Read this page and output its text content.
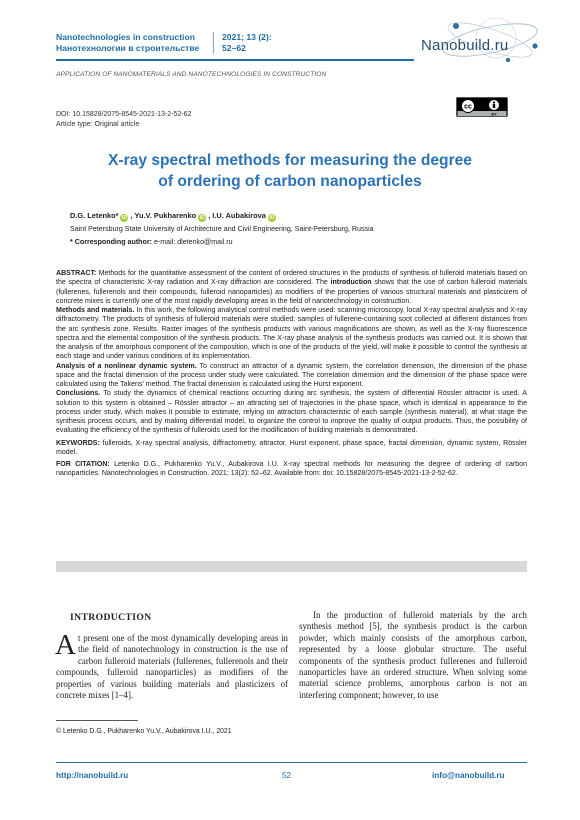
Nanotechnologies in construction
Нанотехнологии в строительстве
2021; 13 (2):
52–62	Nanobuild.ru
APPLICATION OF NANOMATERIALS AND NANOTECHNOLOGIES IN CONSTRUCTION
DOI: 10.15828/2075-8545-2021-13-2-52-62
Article type: Original article
cc
BY
X-ray spectral methods for measuring the degree
of ordering of carbon nanoparticles
D.G. Letenko* iD , Yu.V. Pukharenko iD , I.U. Aubakirova iD
Saint Petersburg State University of Architecture and Civil Engineering, Saint-Petersburg, Russia
* Corresponding author: e-mail: dletenko@mail.ru

ABSTRACT: Methods for the quantitative assessment of the content of ordered structures in the products of synthesis of fulleroid materials based on the spectra of characteristic X-ray radiation and X-ray diffraction are considered. The introduction shows that the use of carbon fulleroid materials (fullerenes, fullerenols and their compounds, fulleroid nanoparticles) as modifiers of the properties of various structural materials and plasticizers of concrete mixes is currently one of the most rapidly developing areas in the field of nanotechnology in construction.

Methods and materials. In this work, the following analytical control methods were used: scanning microscopy, local X-ray spectral analysis and X-ray diffractometry. The products of synthesis of fulleroid materials were studied: samples of fullerene-containing soot collected at different distances from the arc synthesis zone. Results. Raster images of the synthesis products with various magnifications are shown, as well as the X-ray fluorescence spectra and the elemental composition of the synthesis products. The X-ray phase analysis of the synthesis products was carried out. It is shown that the analysis of the amorphous component of the composition, which is one of the products of the yield, will make it possible to control the synthesis at each stage and under various conditions of its implementation.

Analysis of a nonlinear dynamic system. To construct an attractor of a dynamic system, the correlation dimension, the dimension of the phase space and the fractal dimension of the process under study were calculated. The correlation dimension and the dimension of the phase space were calculated using the Takens' method. The fractal dimension is calculated using the Hurst exponent.

Conclusions. To study the dynamics of chemical reactions occurring during arc synthesis, the system of differential Rössler attractor is used. A solution to this system is obtained – Rössler attractor – an attracting set of trajectories in the phase space, which is identical in appearance to the process under study, which makes it possible to estimate, relying on attractors characteristic of each sample (synthesis material), at what stage the synthesis process occurs, and by making differential model, to organize the control to improve the quality of output products. Thus, the possibility of evaluating the efficiency of the synthesis of fulleroids used for the modification of building materials is demonstrated.

KEYWORDS: fulleroids, X-ray spectral analysis, diffractometry, attractor, Hurst exponent, phase space, fractal dimension, dynamic system, Rössler model.

FOR CITATION: Letenko D.G., Pukharenko Yu.V., Aubakirova I.U. X-ray spectral methods for measuring the degree of ordering of carbon nanoparticles. Nanotechnologies in Construction. 2021; 13(2): 52–62. Available from: doi: 10.15828/2075-8545-2021-13-2-52-62.

INTRODUCTION
At present one of the most dynamically developing areas in the field of nanotechnology in construction is the use of carbon fulleroid materials (fullerenes, fullerenols and their compounds, fulleroid nanoparticles) as modifiers of the properties of various building materials and plasticizers of concrete mixes [1–4].
In the production of fulleroid materials by the arch synthesis method [5], the synthesis product is the carbon powder, which mainly consists of the amorphous carbon, represented by a loose globular structure. The useful components of the synthesis product fullerenes and fulleroid nanoparticles have an ordered structure. When solving some material science problems, amorphous carbon is not an interfering component; however, to use
© Letenko D.G., Pukharenko Yu.V., Aubakirova I.U., 2021
http://nanobuild.ru	52	info@nanobuild.ru
